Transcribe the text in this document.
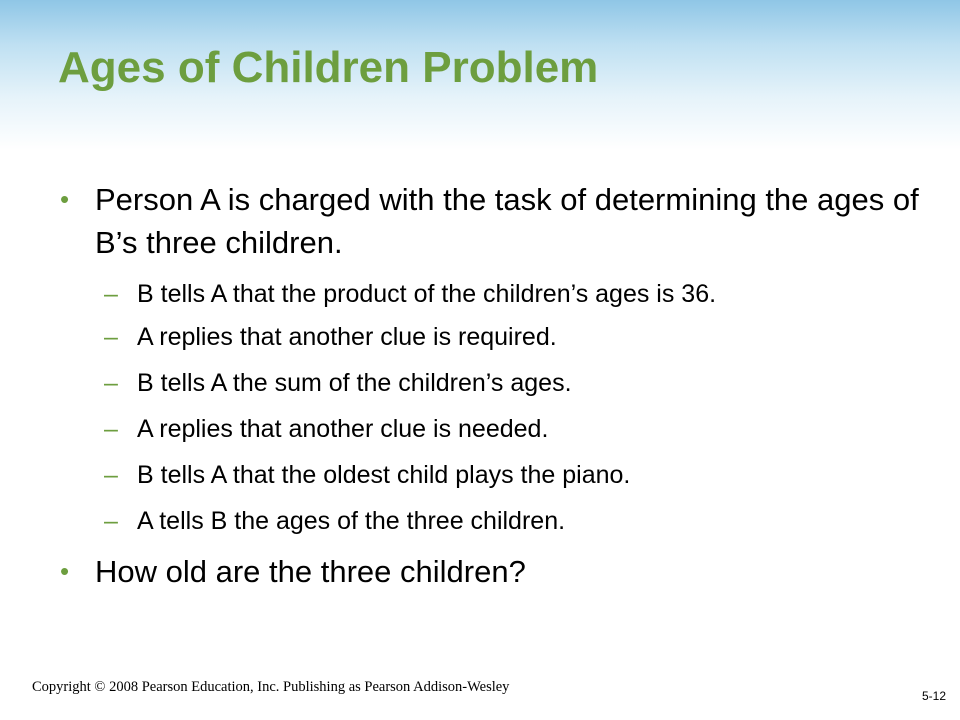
Ages of Children Problem
• Person A is charged with the task of determining the ages of B’s three children.
– B tells A that the product of the children’s ages is 36.
– A replies that another clue is required.
– B tells A the sum of the children’s ages.
– A replies that another clue is needed.
– B tells A that the oldest child plays the piano.
– A tells B the ages of the three children.
• How old are the three children?
Copyright © 2008 Pearson Education, Inc. Publishing as Pearson Addison-Wesley
5-12
